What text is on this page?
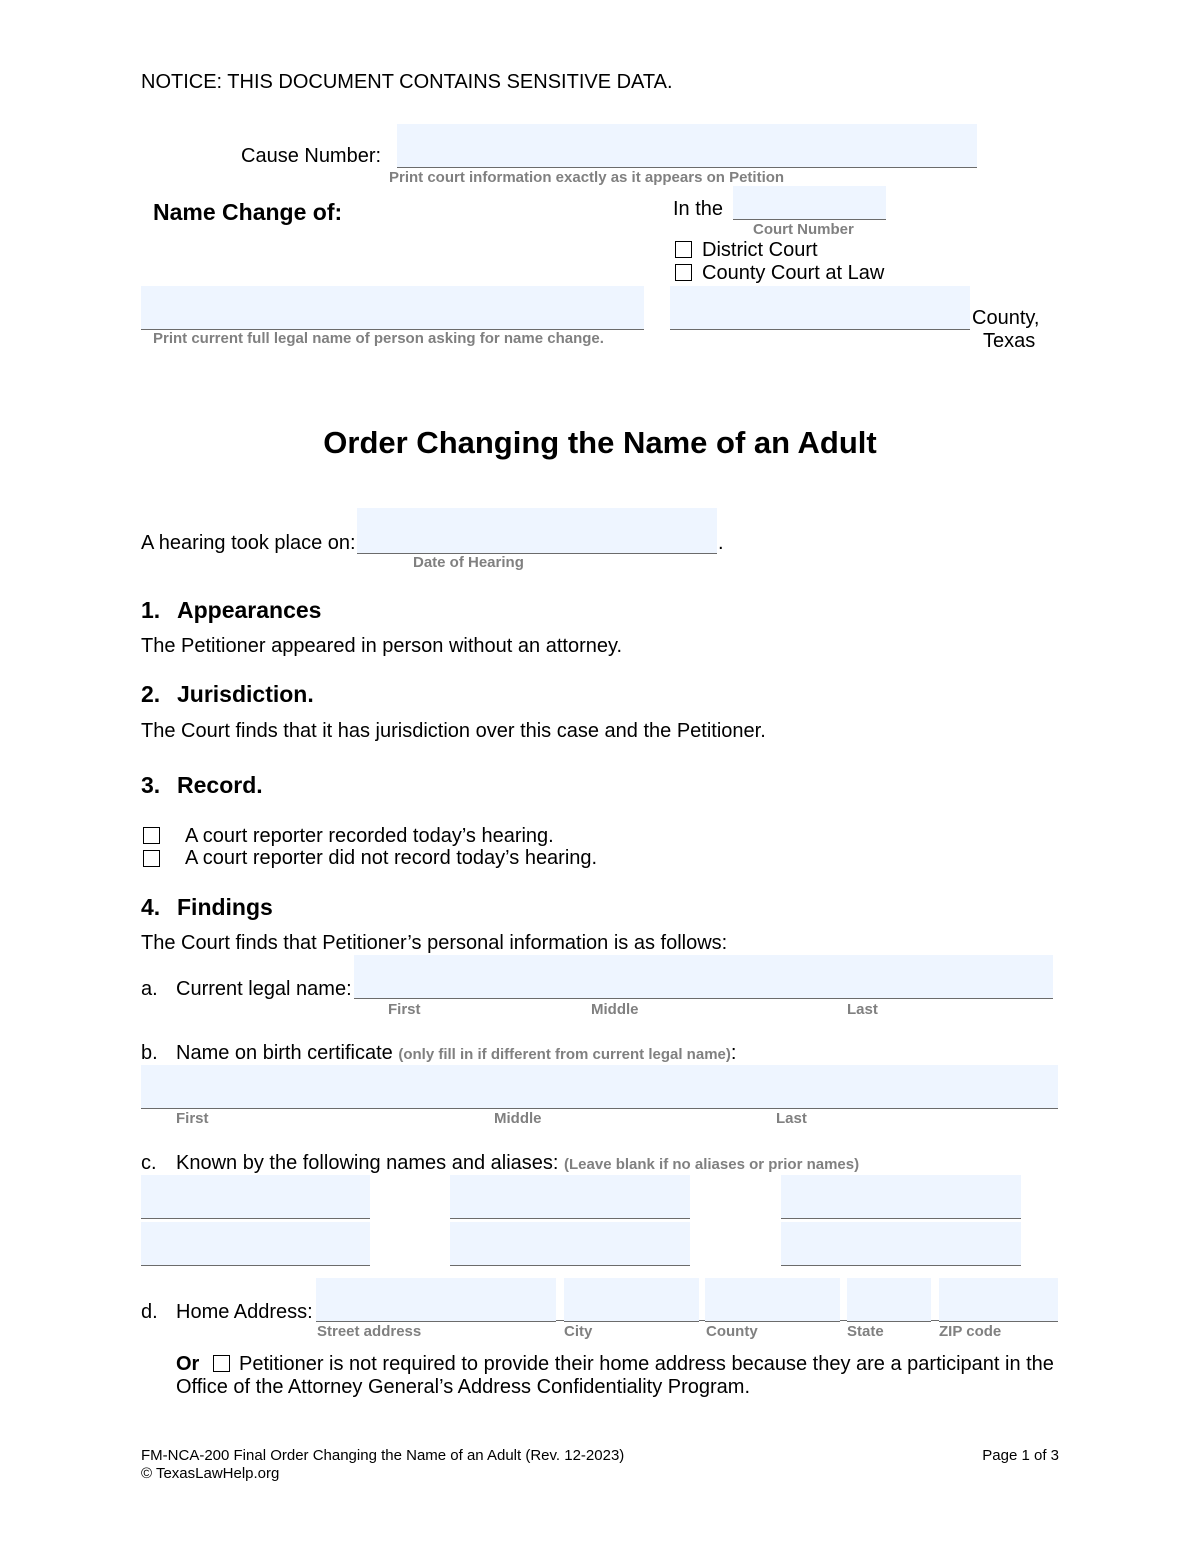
NOTICE: THIS DOCUMENT CONTAINS SENSITIVE DATA.
Cause Number:
Print court information exactly as it appears on Petition
Name Change of:	In the
Court Number
District Court
County Court at Law
Print current full legal name of person asking for name change.
County,
Texas
Order Changing the Name of an Adult
A hearing took place on:	.
Date of Hearing
1. Appearances
The Petitioner appeared in person without an attorney.
2. Jurisdiction.
The Court finds that it has jurisdiction over this case and the Petitioner.
3. Record.
A court reporter recorded today’s hearing.
A court reporter did not record today’s hearing.
4. Findings
The Court finds that Petitioner’s personal information is as follows:
a. Current legal name:
First	Middle	Last
b. Name on birth certificate (only fill in if different from current legal name):
First	Middle	Last
c. Known by the following names and aliases: (Leave blank if no aliases or prior names)
d. Home Address:
Street address	City	County	State	ZIP code
Or Petitioner is not required to provide their home address because they are a participant in the
Office of the Attorney General’s Address Confidentiality Program.
FM-NCA-200 Final Order Changing the Name of an Adult (Rev. 12-2023)
© TexasLawHelp.org
Page 1 of 3
